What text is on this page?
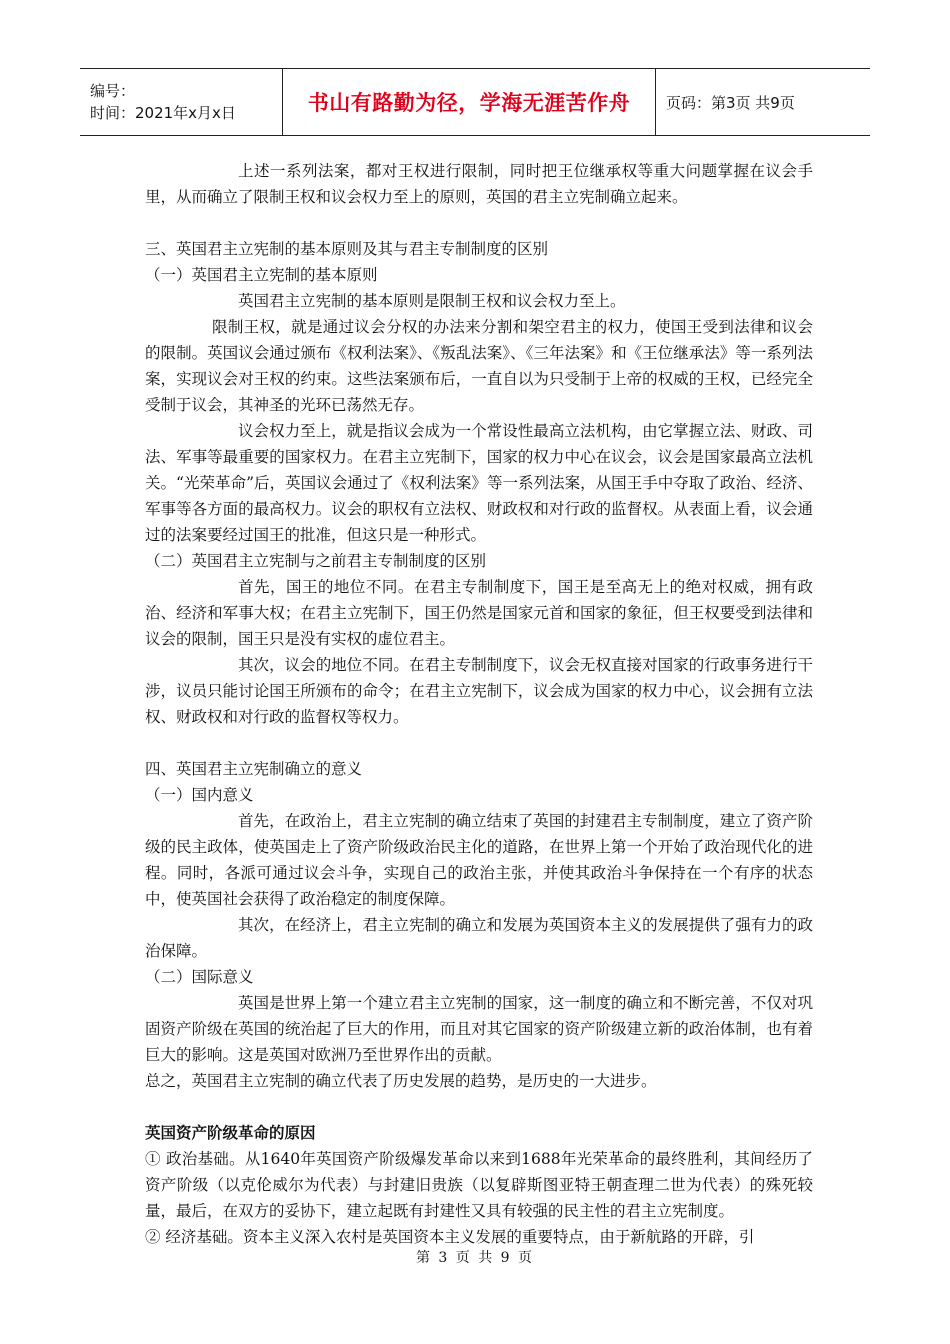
编号：
时间：2021年x月x日	书山有路勤为径，学海无涯苦作舟 页码：第3页 共9页

上述一系列法案，都对王权进行限制，同时把王位继承权等重大问题掌握在议会手里，从而确立了限制王权和议会权力至上的原则，英国的君主立宪制确立起来。

三、英国君主立宪制的基本原则及其与君主专制制度的区别

（一）英国君主立宪制的基本原则

英国君主立宪制的基本原则是限制王权和议会权力至上。

限制王权，就是通过议会分权的办法来分割和架空君主的权力，使国王受到法律和议会的限制。英国议会通过颁布《权利法案》、《叛乱法案》、《三年法案》和《王位继承法》等一系列法案，实现议会对王权的约束。这些法案颁布后，一直自以为只受制于上帝的权威的王权，已经完全受制于议会，其神圣的光环已荡然无存。

议会权力至上，就是指议会成为一个常设性最高立法机构，由它掌握立法、财政、司法、军事等最重要的国家权力。在君主立宪制下，国家的权力中心在议会，议会是国家最高立法机关。“光荣革命”后，英国议会通过了《权利法案》等一系列法案，从国王手中夺取了政治、经济、军事等各方面的最高权力。议会的职权有立法权、财政权和对行政的监督权。从表面上看，议会通过的法案要经过国王的批准，但这只是一种形式。

（二）英国君主立宪制与之前君主专制制度的区别

首先，国王的地位不同。在君主专制制度下，国王是至高无上的绝对权威，拥有政治、经济和军事大权；在君主立宪制下，国王仍然是国家元首和国家的象征，但王权要受到法律和议会的限制，国王只是没有实权的虚位君主。

其次，议会的地位不同。在君主专制制度下，议会无权直接对国家的行政事务进行干涉，议员只能讨论国王所颁布的命令；在君主立宪制下，议会成为国家的权力中心，议会拥有立法权、财政权和对行政的监督权等权力。

四、英国君主立宪制确立的意义

（一）国内意义

首先，在政治上，君主立宪制的确立结束了英国的封建君主专制制度，建立了资产阶级的民主政体，使英国走上了资产阶级政治民主化的道路，在世界上第一个开始了政治现代化的进程。同时，各派可通过议会斗争，实现自己的政治主张，并使其政治斗争保持在一个有序的状态中，使英国社会获得了政治稳定的制度保障。

其次，在经济上，君主立宪制的确立和发展为英国资本主义的发展提供了强有力的政治保障。

（二）国际意义

英国是世界上第一个建立君主立宪制的国家，这一制度的确立和不断完善，不仅对巩固资产阶级在英国的统治起了巨大的作用，而且对其它国家的资产阶级建立新的政治体制，也有着巨大的影响。这是英国对欧洲乃至世界作出的贡献。

总之，英国君主立宪制的确立代表了历史发展的趋势，是历史的一大进步。

英国资产阶级革命的原因

① 政治基础。从1640年英国资产阶级爆发革命以来到1688年光荣革命的最终胜利，其间经历了资产阶级（以克伦威尔为代表）与封建旧贵族（以复辟斯图亚特王朝查理二世为代表）的殊死较量，最后，在双方的妥协下，建立起既有封建性又具有较强的民主性的君主立宪制度。

② 经济基础。资本主义深入农村是英国资本主义发展的重要特点，由于新航路的开辟，引

第 3 页 共 9 页
